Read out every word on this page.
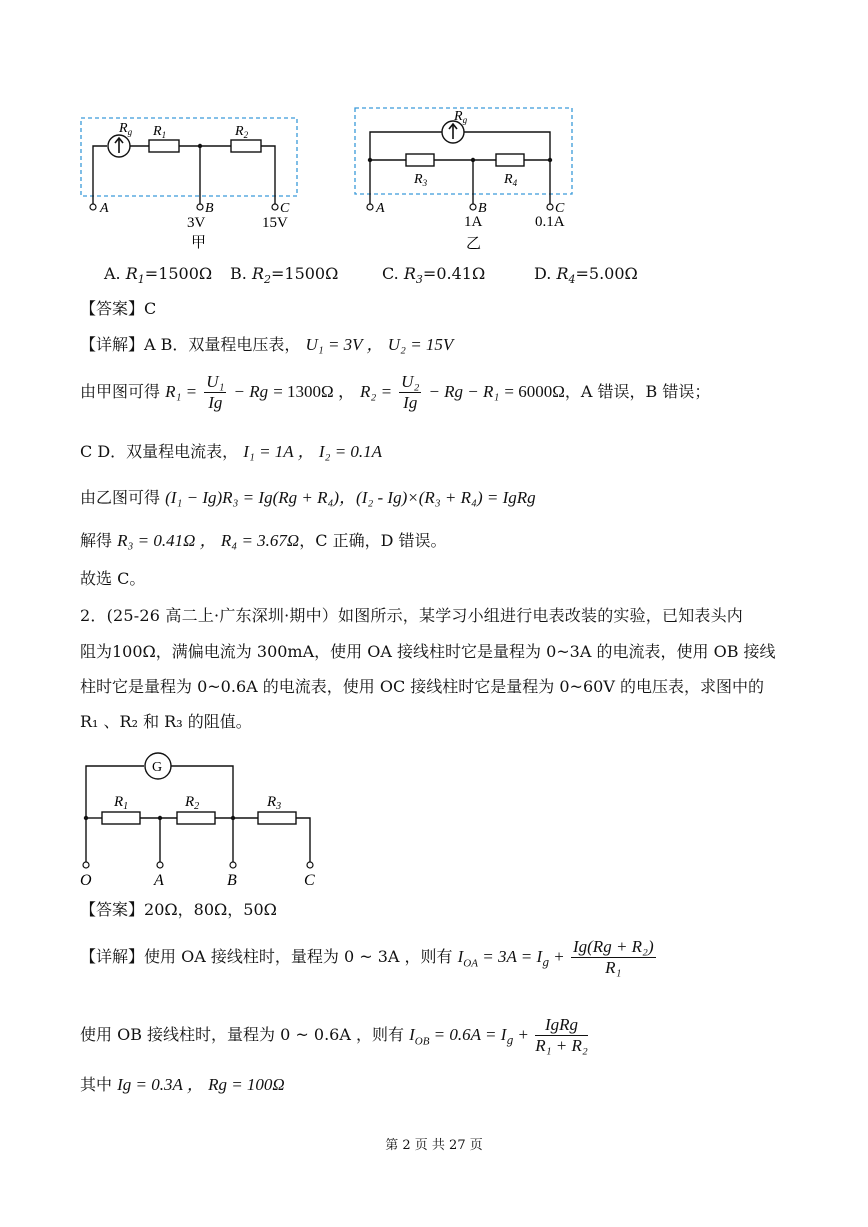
$R_g$ $R_1$	$R_2$
A	B	C
3V	15V
甲
$R_g$
$R_3$	$R_4$
A	B	C
1A	0.1A
乙
A. $R_1=1500\Omega$ B. $R_2=1500\Omega$	C. $R_3=0.41\Omega$	D. $R_4=5.00\Omega$
【答案】C
【详解】A B．双量程电压表， U₁ = 3V ， U₂ = 15V
由甲图可得 $R_1 = \frac{\text{U₁}}{Ig} - Rg = 1300\Omega$ ， $R_2 = \frac{\text{U₂}}{Ig} - Rg - R_1 = 6000\Omega$，A 错误，B 错误；
C D．双量程电流表， I₁ = 1A ， I₂ = 0.1A
由乙图可得 (I₁ − Ig)R₃ = Ig(Rg + R₄)，(I₂ - Ig)×(R₃ + R₄) = IgRg
解得 R₃ = 0.41Ω ， R₄ = 3.67Ω，C 正确，D 错误。
故选 C。
2．(25-26 高二上·广东深圳·期中）如图所示，某学习小组进行电表改装的实验，已知表头内
阻为100Ω，满偏电流为 300mA，使用 OA 接线柱时它是量程为 0~3A 的电流表，使用 OB 接线
柱时它是量程为 0~0.6A 的电流表，使用 OC 接线柱时它是量程为 0~60V 的电压表，求图中的
R₁ 、R₂ 和 R₃ 的阻值。
G
$R_1$	$R_2$	$R_3$
O	A	B	C
【答案】20Ω，80Ω，50Ω
【详解】使用 OA 接线柱时，量程为 0 ~ 3A ，则有 $I_{OA} = 3A = I_g + \frac{\text{Ig(Rg + R₂)}}{\text{R₁}}$
使用 OB 接线柱时，量程为 0 ~ 0.6A ，则有 $I_{OB} = 0.6A = I_g + \frac{\text{IgRg}}{\text{R₁ + R₂}}$
其中 Ig = 0.3A ， Rg = 100Ω
第 2 页 共 27 页
